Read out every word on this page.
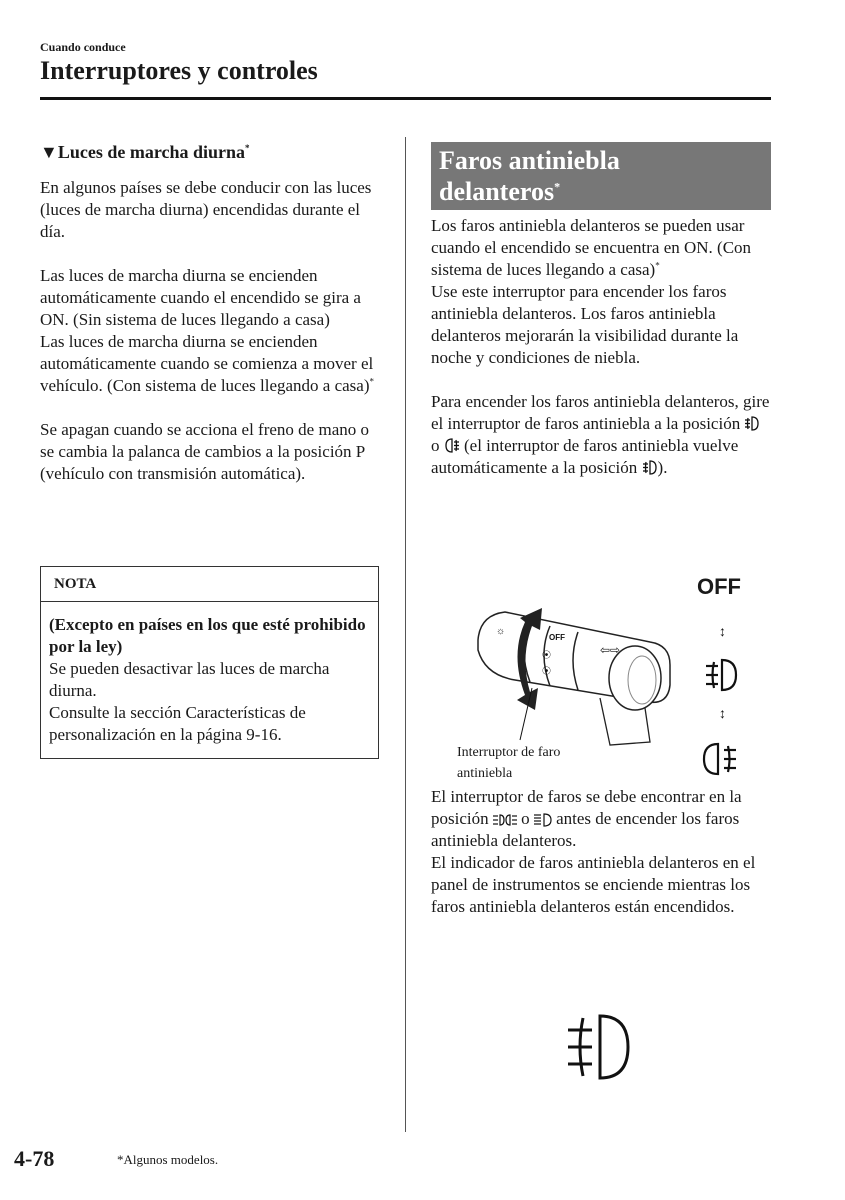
Cuando conduce
Interruptores y controles
▼Luces de marcha diurna*

En algunos países se debe conducir con las luces (luces de marcha diurna) encendidas durante el día.

Las luces de marcha diurna se encienden automáticamente cuando el encendido se gira a ON. (Sin sistema de luces llegando a casa)

Las luces de marcha diurna se encienden automáticamente cuando se comienza a mover el vehículo. (Con sistema de luces llegando a casa)*

Se apagan cuando se acciona el freno de mano o se cambia la palanca de cambios a la posición P (vehículo con transmisión automática).

NOTA
(Excepto en países en los que esté prohibido por la ley)
Se pueden desactivar las luces de marcha diurna.
Consulte la sección Características de personalización en la página 9-16.
Faros antiniebla
delanteros*
Los faros antiniebla delanteros se pueden usar cuando el encendido se encuentra en ON. (Con sistema de luces llegando a casa)*

Use este interruptor para encender los faros antiniebla delanteros. Los faros antiniebla delanteros mejorarán la visibilidad durante la noche y condiciones de niebla.

Para encender los faros antiniebla delanteros, gire el interruptor de faros antiniebla a la posición  o (el interruptor de faros antiniebla vuelve automáticamente a la posición ).

OFF
⦿
⦿
☼
⇦⇨
↕
↕
OFF
Interruptor de faro
antiniebla
El interruptor de faros se debe encontrar en la posición o antes de encender los faros antiniebla delanteros.
El indicador de faros antiniebla delanteros en el panel de instrumentos se enciende mientras los faros antiniebla delanteros están encendidos.
4-78	*Algunos modelos.
